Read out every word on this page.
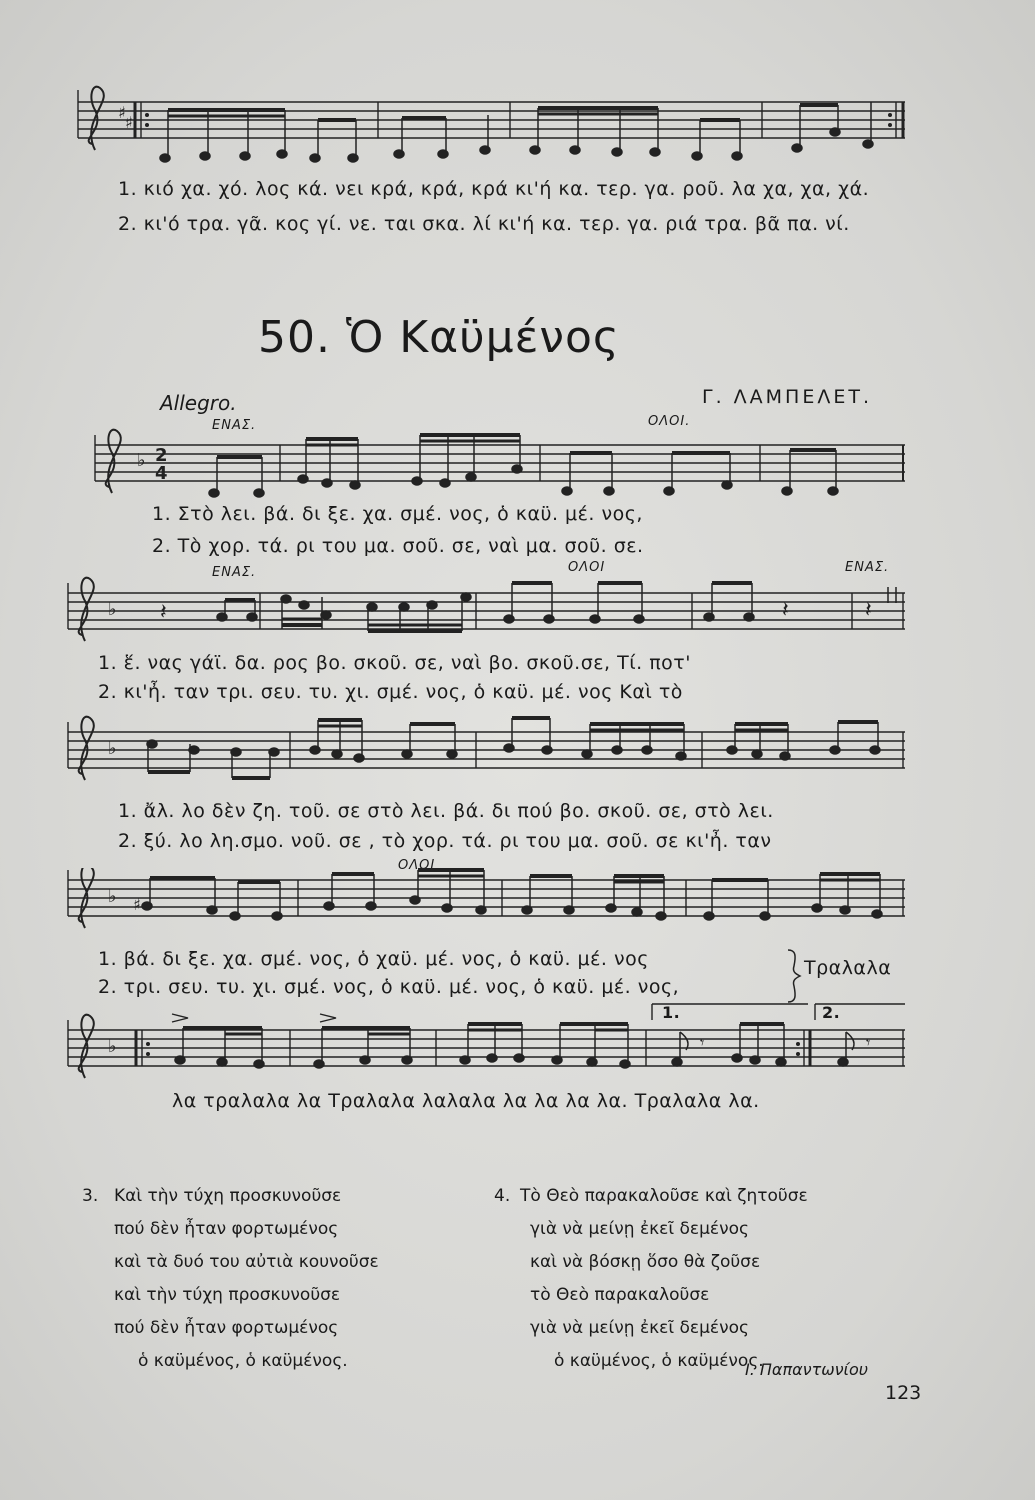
♯
♯
1. κιό χα. χό. λος κά. νει κρά, κρά, κρά κι'ή κα. τερ. γα. ροῦ. λα χα, χα, χά.
2. κι'ό τρα. γᾶ. κος γί. νε. ται σκα. λί κι'ή κα. τερ. γα. ριά τρα. βᾶ πα. νί.
50. Ὁ Καϋμένος
Allegro.	Γ. ΛΑΜΠΕΛΕΤ.
ΕΝΑΣ.	ΟΛΟΙ.
♭ 2
4
1. Στὸ λει. βά. δι ξε. χα. σμέ. νος, ὁ καϋ. μέ. νος,
2. Τὸ χορ. τά. ρι του μα. σοῦ. σε, ναὶ μα. σοῦ. σε.
ΕΝΑΣ.	ΟΛΟΙ	ΕΝΑΣ.
♭ 𝄽	𝄽	𝄽
1. ἕ. νας γάϊ. δα. ρος βο. σκοῦ. σε, ναὶ βο. σκοῦ.σε, Τί. ποτ'
2. κι'ἦ. ταν τρι. σευ. τυ. χι. σμέ. νος, ὁ καϋ. μέ. νος Καὶ τὸ
♭
1. ἄλ. λο δὲν ζη. τοῦ. σε στὸ λει. βά. δι πού βο. σκοῦ. σε, στὸ λει.
2. ξύ. λο λη.σμο. νοῦ. σε , τὸ χορ. τά. ρι του μα. σοῦ. σε κι'ἦ. ταν
ΟΛΟΙ
♭ ♯
1. βά. δι ξε. χα. σμέ. νος, ὁ χαϋ. μέ. νος, ὁ καϋ. μέ. νος
2. τρι. σευ. τυ. χι. σμέ. νος, ὁ καϋ. μέ. νος, ὁ καϋ. μέ. νος,
Τραλαλα
1.	2.
♭	𝄾	𝄾
λα τραλαλα λα Τραλαλα λαλαλα λα λα λα λα. Τραλαλα λα.
3. Καὶ τὴν τύχη προσκυνοῦσε
πού δὲν ἦταν φορτωμένος
καὶ τὰ δυό του αὐτιὰ κουνοῦσε
καὶ τὴν τύχη προσκυνοῦσε
πού δὲν ἦταν φορτωμένος
ὁ καϋμένος, ὁ καϋμένος.
4. Τὸ Θεὸ παρακαλοῦσε καὶ ζητοῦσε
γιὰ νὰ μείνῃ ἐκεῖ δεμένος
καὶ νὰ βόσκῃ ὅσο θὰ ζοῦσε
τὸ Θεὸ παρακαλοῦσε
γιὰ νὰ μείνῃ ἐκεῖ δεμένος
ὁ καϋμένος, ὁ καϋμένος.
Ι. Παπαντωνίου
123
